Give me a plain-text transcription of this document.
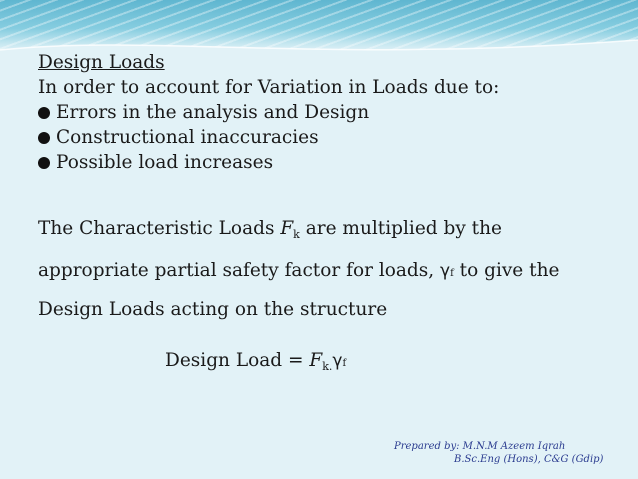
Design Loads

In order to account for Variation in Loads due to:

Errors in the analysis and Design

Constructional inaccuracies

Possible load increases

The Characteristic Loads $F_k$ are multiplied by the

appropriate partial safety factor for loads, γf to give the

Design Loads acting on the structure

Design Load = $F_{k.}\gamma f$

Prepared by: M.N.M Azeem Iqrah
B.Sc.Eng (Hons), C&G (Gdip)
